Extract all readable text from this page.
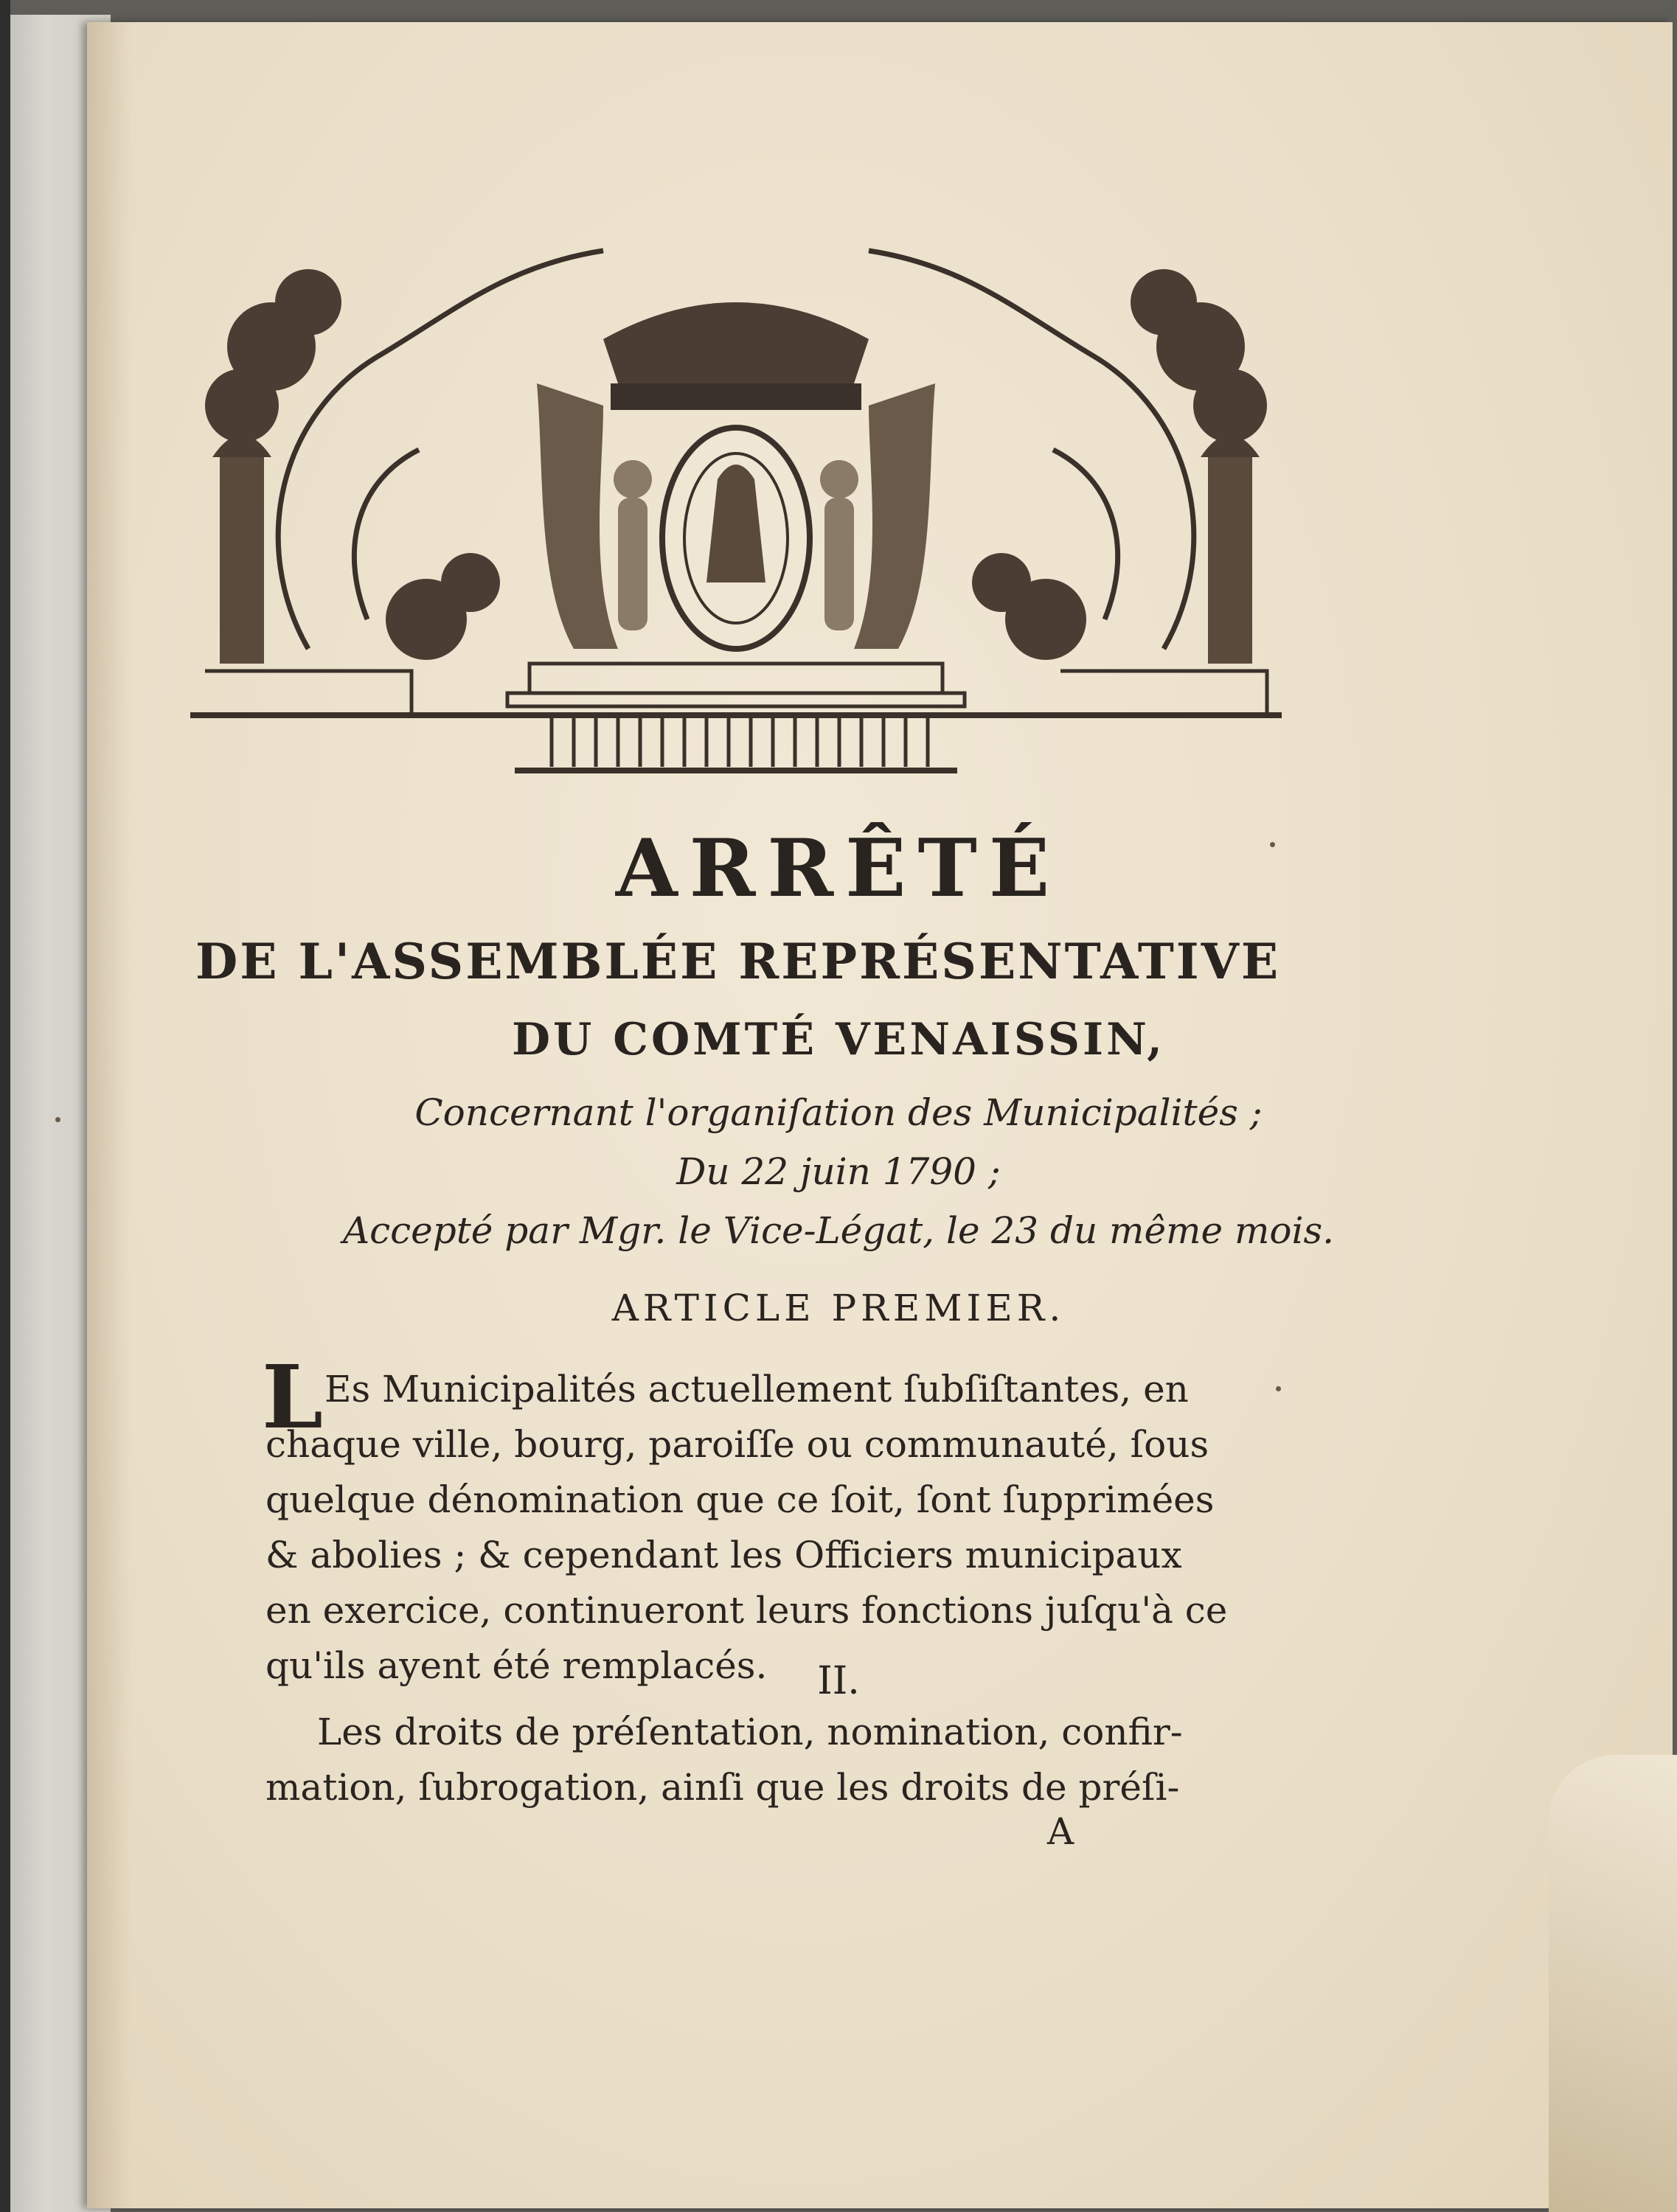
ARRÊTÉ
DE L'ASSEMBLÉE REPRÉSENTATIVE
DU COMTÉ VENAISSIN,
Concernant l'organiſation des Municipalités ;
Du 22 juin 1790 ;
Accepté par Mgr. le Vice-Légat, le 23 du même mois.
ARTICLE PREMIER.
L Es Municipalités actuellement ſubſiſtantes, en
chaque ville, bourg, paroiſſe ou communauté, ſous
quelque dénomination que ce ſoit, ſont ſupprimées
& abolies ; & cependant les Officiers municipaux
en exercice, continueront leurs fonctions juſqu'à ce
qu'ils ayent été remplacés.	II.
Les droits de préſentation, nomination, confir-
mation, ſubrogation, ainſi que les droits de préſi-
A
